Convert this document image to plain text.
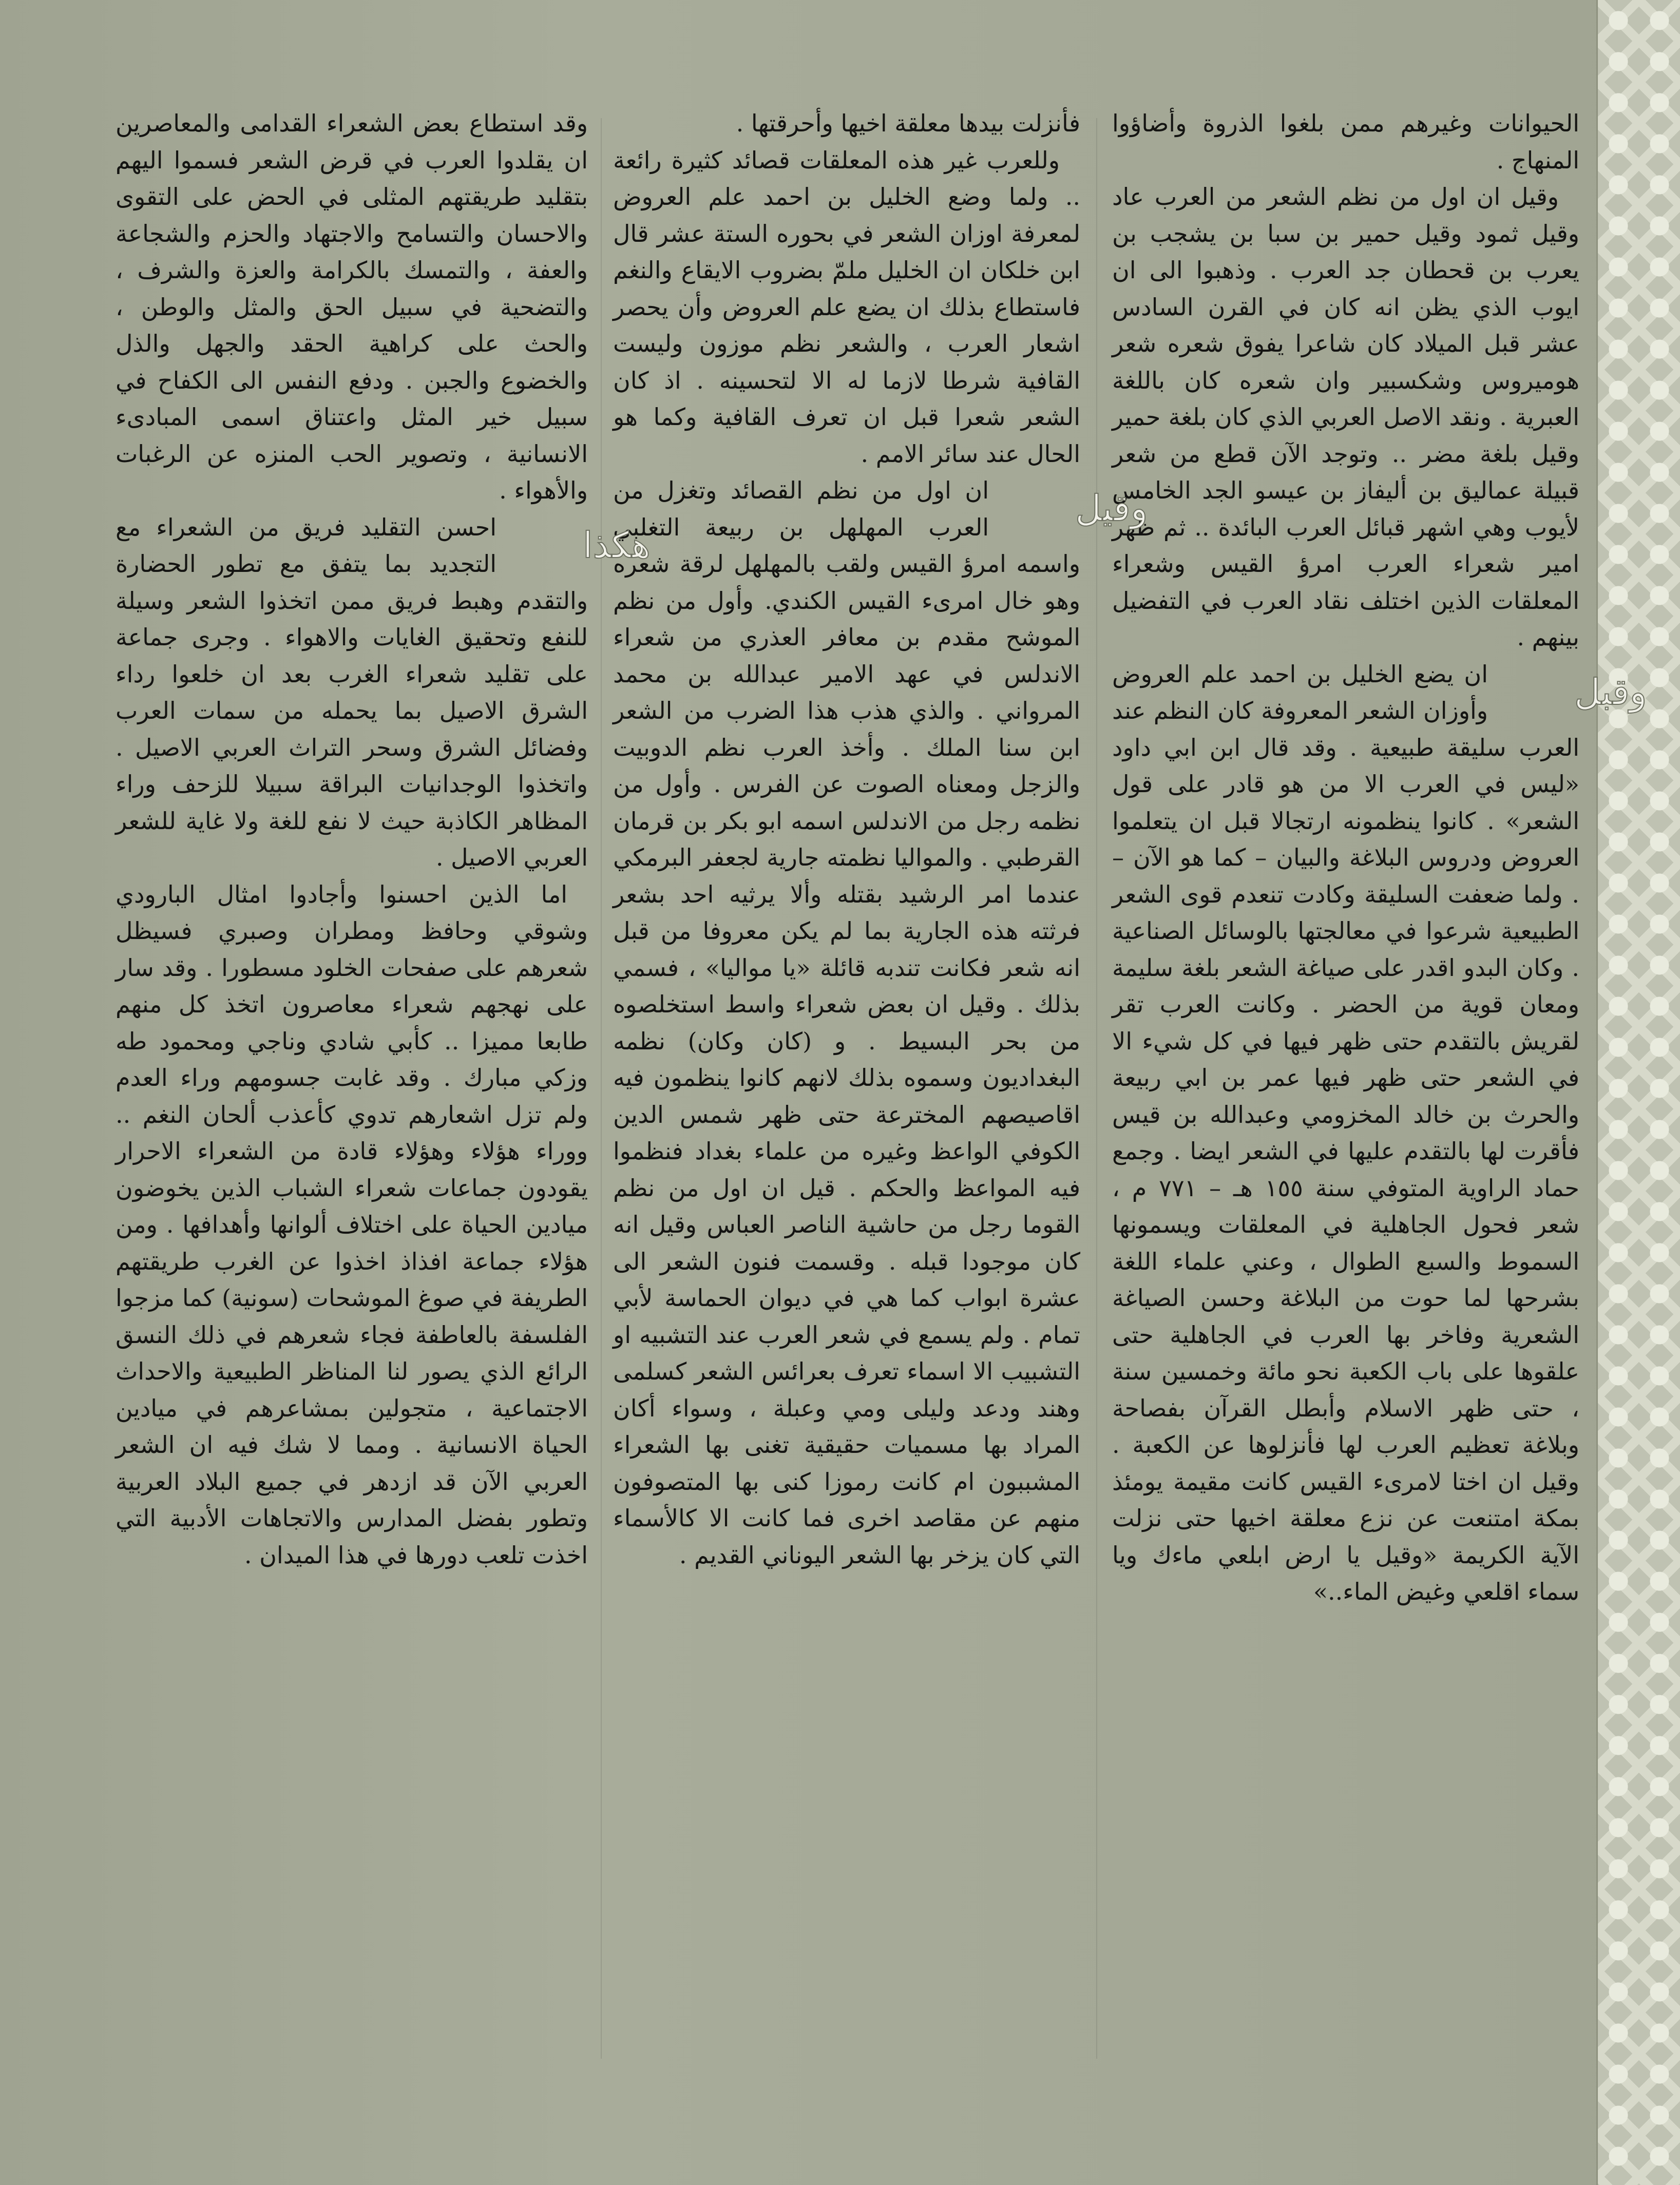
الحيوانات وغيرهم ممن بلغوا الذروة وأضاؤوا المنهاج .

وقيل ان اول من نظم الشعر من العرب عاد وقيل ثمود وقيل حمير بن سبا بن يشجب بن يعرب بن قحطان جد العرب . وذهبوا الى ان ايوب الذي يظن انه كان في القرن السادس عشر قبل الميلاد كان شاعرا يفوق شعره شعر هوميروس وشكسبير وان شعره كان باللغة العبرية . ونقد الاصل العربي الذي كان بلغة حمير وقيل بلغة مضر .. وتوجد الآن قطع من شعر قبيلة عماليق بن أليفاز بن عيسو الجد الخامس لأيوب وهي اشهر قبائل العرب البائدة .. ثم ظهر امير شعراء العرب امرؤ القيس وشعراء المعلقات الذين اختلف نقاد العرب في التفضيل بينهم .

وقبل

ان يضع الخليل بن احمد علم العروض وأوزان الشعر المعروفة كان النظم عند العرب سليقة طبيعية . وقد قال ابن ابي داود «ليس في العرب الا من هو قادر على قول الشعر» . كانوا ينظمونه ارتجالا قبل ان يتعلموا العروض ودروس البلاغة والبيان – كما هو الآن – . ولما ضعفت السليقة وكادت تنعدم قوى الشعر الطبيعية شرعوا في معالجتها بالوسائل الصناعية . وكان البدو اقدر على صياغة الشعر بلغة سليمة ومعان قوية من الحضر . وكانت العرب تقر لقريش بالتقدم حتى ظهر فيها في كل شيء الا في الشعر حتى ظهر فيها عمر بن ابي ربيعة والحرث بن خالد المخزومي وعبدالله بن قيس فأقرت لها بالتقدم عليها في الشعر ايضا . وجمع حماد الراوية المتوفي سنة ١٥٥ هـ – ٧٧١ م ، شعر فحول الجاهلية في المعلقات ويسمونها السموط والسبع الطوال ، وعني علماء اللغة بشرحها لما حوت من البلاغة وحسن الصياغة الشعرية وفاخر بها العرب في الجاهلية حتى علقوها على باب الكعبة نحو مائة وخمسين سنة ، حتى ظهر الاسلام وأبطل القرآن بفصاحة وبلاغة تعظيم العرب لها فأنزلوها عن الكعبة . وقيل ان اختا لامرىء القيس كانت مقيمة يومئذ بمكة امتنعت عن نزع معلقة اخيها حتى نزلت الآية الكريمة «وقيل يا ارض ابلعي ماءك ويا سماء اقلعي وغيض الماء..»

فأنزلت بيدها معلقة اخيها وأحرقتها .

وللعرب غير هذه المعلقات قصائد كثيرة رائعة .. ولما وضع الخليل بن احمد علم العروض لمعرفة اوزان الشعر في بحوره الستة عشر قال ابن خلكان ان الخليل ملمّ بضروب الايقاع والنغم فاستطاع بذلك ان يضع علم العروض وأن يحصر اشعار العرب ، والشعر نظم موزون وليست القافية شرطا لازما له الا لتحسينه . اذ كان الشعر شعرا قبل ان تعرف القافية وكما هو الحال عند سائر الامم .

وقيل

ان اول من نظم القصائد وتغزل من العرب المهلهل بن ربيعة التغلبي واسمه امرؤ القيس ولقب بالمهلهل لرقة شعره وهو خال امرىء القيس الكندي. وأول من نظم الموشح مقدم بن معافر العذري من شعراء الاندلس في عهد الامير عبدالله بن محمد المرواني . والذي هذب هذا الضرب من الشعر ابن سنا الملك . وأخذ العرب نظم الدوبيت والزجل ومعناه الصوت عن الفرس . وأول من نظمه رجل من الاندلس اسمه ابو بكر بن قرمان القرطبي . والمواليا نظمته جارية لجعفر البرمكي عندما امر الرشيد بقتله وألا يرثيه احد بشعر فرثته هذه الجارية بما لم يكن معروفا من قبل انه شعر فكانت تندبه قائلة «يا مواليا» ، فسمي بذلك . وقيل ان بعض شعراء واسط استخلصوه من بحر البسيط . و (كان وكان) نظمه البغداديون وسموه بذلك لانهم كانوا ينظمون فيه اقاصيصهم المخترعة حتى ظهر شمس الدين الكوفي الواعظ وغيره من علماء بغداد فنظموا فيه المواعظ والحكم . قيل ان اول من نظم القوما رجل من حاشية الناصر العباس وقيل انه كان موجودا قبله . وقسمت فنون الشعر الى عشرة ابواب كما هي في ديوان الحماسة لأبي تمام . ولم يسمع في شعر العرب عند التشبيه او التشبيب الا اسماء تعرف بعرائس الشعر كسلمى وهند ودعد وليلى ومي وعبلة ، وسواء أكان المراد بها مسميات حقيقية تغنى بها الشعراء المشببون ام كانت رموزا كنى بها المتصوفون منهم عن مقاصد اخرى فما كانت الا كالأسماء التي كان يزخر بها الشعر اليوناني القديم .

وقد استطاع بعض الشعراء القدامى والمعاصرين ان يقلدوا العرب في قرض الشعر فسموا اليهم بتقليد طريقتهم المثلى في الحض على التقوى والاحسان والتسامح والاجتهاد والحزم والشجاعة والعفة ، والتمسك بالكرامة والعزة والشرف ، والتضحية في سبيل الحق والمثل والوطن ، والحث على كراهية الحقد والجهل والذل والخضوع والجبن . ودفع النفس الى الكفاح في سبيل خير المثل واعتناق اسمى المبادىء الانسانية ، وتصوير الحب المنزه عن الرغبات والأهواء .

هكذا

احسن التقليد فريق من الشعراء مع التجديد بما يتفق مع تطور الحضارة والتقدم وهبط فريق ممن اتخذوا الشعر وسيلة للنفع وتحقيق الغايات والاهواء . وجرى جماعة على تقليد شعراء الغرب بعد ان خلعوا رداء الشرق الاصيل بما يحمله من سمات العرب وفضائل الشرق وسحر التراث العربي الاصيل . واتخذوا الوجدانيات البراقة سبيلا للزحف وراء المظاهر الكاذبة حيث لا نفع للغة ولا غاية للشعر العربي الاصيل .

اما الذين احسنوا وأجادوا امثال البارودي وشوقي وحافظ ومطران وصبري فسيظل شعرهم على صفحات الخلود مسطورا . وقد سار على نهجهم شعراء معاصرون اتخذ كل منهم طابعا مميزا .. كأبي شادي وناجي ومحمود طه وزكي مبارك . وقد غابت جسومهم وراء العدم ولم تزل اشعارهم تدوي كأعذب ألحان النغم .. ووراء هؤلاء وهؤلاء قادة من الشعراء الاحرار يقودون جماعات شعراء الشباب الذين يخوضون ميادين الحياة على اختلاف ألوانها وأهدافها . ومن هؤلاء جماعة افذاذ اخذوا عن الغرب طريقتهم الطريفة في صوغ الموشحات (سونية) كما مزجوا الفلسفة بالعاطفة فجاء شعرهم في ذلك النسق الرائع الذي يصور لنا المناظر الطبيعية والاحداث الاجتماعية ، متجولين بمشاعرهم في ميادين الحياة الانسانية . ومما لا شك فيه ان الشعر العربي الآن قد ازدهر في جميع البلاد العربية وتطور بفضل المدارس والاتجاهات الأدبية التي اخذت تلعب دورها في هذا الميدان .
